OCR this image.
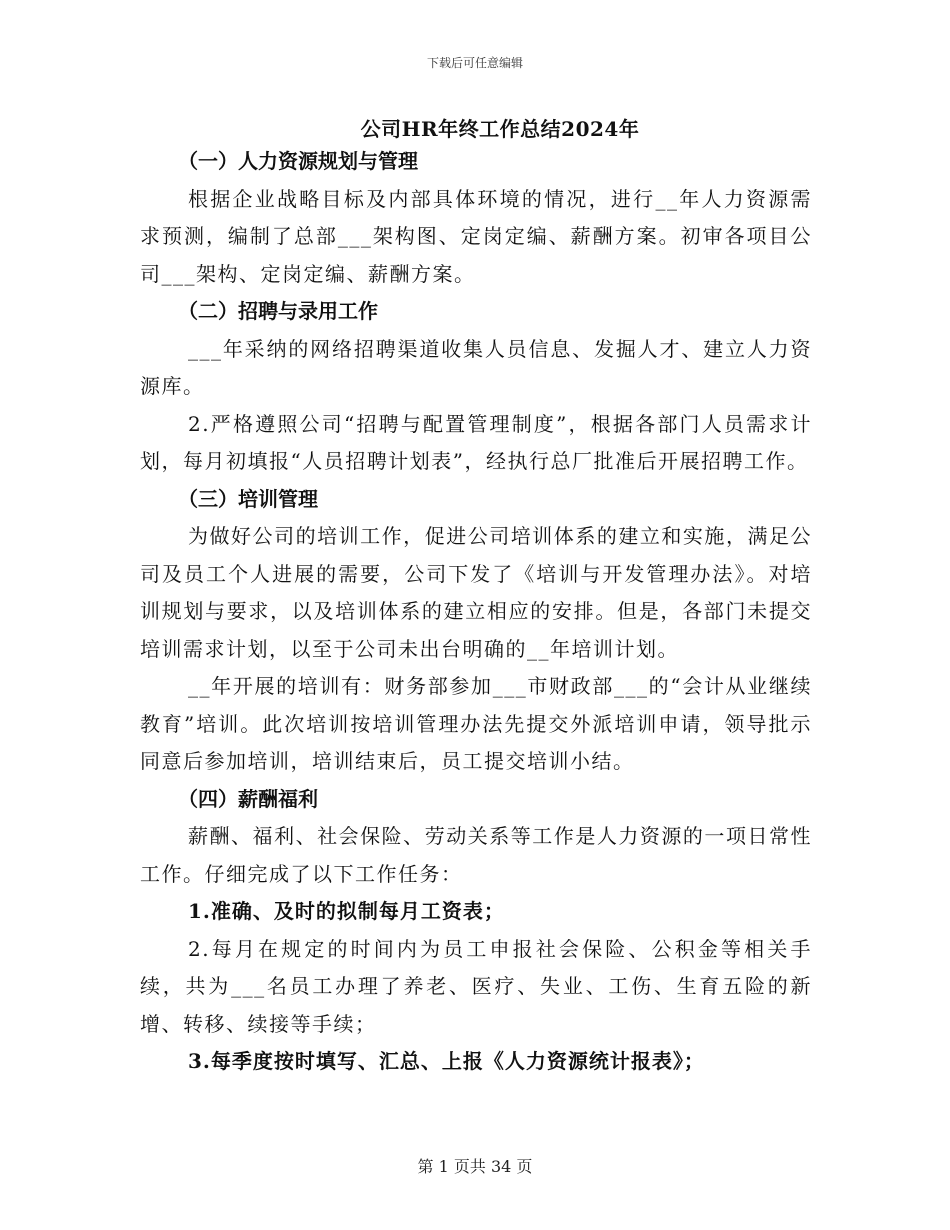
下载后可任意编辑
公司HR年终工作总结2024年

（一）人力资源规划与管理

根据企业战略目标及内部具体环境的情况，进行__年人力资源需求预测，编制了总部___架构图、定岗定编、薪酬方案。初审各项目公司___架构、定岗定编、薪酬方案。

（二）招聘与录用工作

___年采纳的网络招聘渠道收集人员信息、发掘人才、建立人力资源库。

2.严格遵照公司“招聘与配置管理制度”，根据各部门人员需求计划，每月初填报“人员招聘计划表”，经执行总厂批准后开展招聘工作。

（三）培训管理

为做好公司的培训工作，促进公司培训体系的建立和实施，满足公司及员工个人进展的需要，公司下发了《培训与开发管理办法》。对培训规划与要求，以及培训体系的建立相应的安排。但是，各部门未提交培训需求计划，以至于公司未出台明确的__年培训计划。

__年开展的培训有：财务部参加___市财政部___的“会计从业继续教育”培训。此次培训按培训管理办法先提交外派培训申请，领导批示同意后参加培训，培训结束后，员工提交培训小结。

（四）薪酬福利

薪酬、福利、社会保险、劳动关系等工作是人力资源的一项日常性工作。仔细完成了以下工作任务：

1.准确、及时的拟制每月工资表；

2.每月在规定的时间内为员工申报社会保险、公积金等相关手续，共为___名员工办理了养老、医疗、失业、工伤、生育五险的新增、转移、续接等手续；

3.每季度按时填写、汇总、上报《人力资源统计报表》；

第 1 页共 34 页
